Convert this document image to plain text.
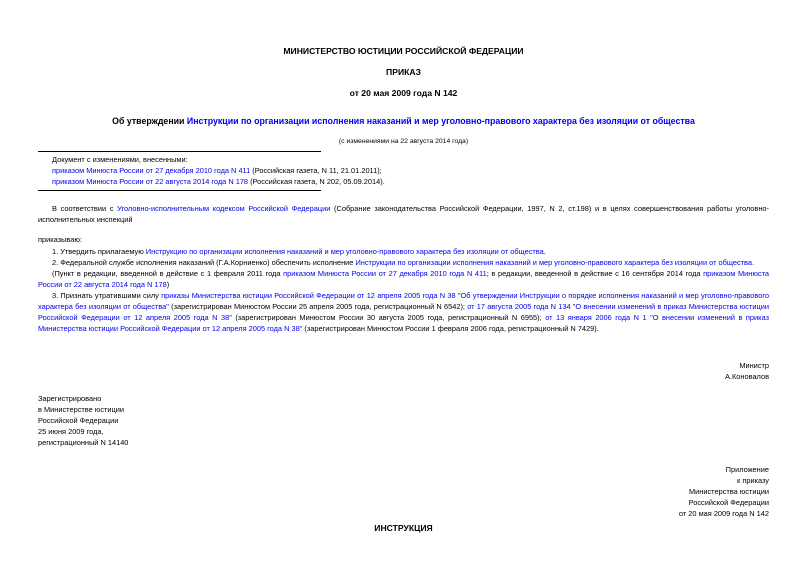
МИНИСТЕРСТВО ЮСТИЦИИ РОССИЙСКОЙ ФЕДЕРАЦИИ
ПРИКАЗ
от 20 мая 2009 года N 142
Об утверждении Инструкции по организации исполнения наказаний и мер уголовно-правового характера без изоляции от общества
(с изменениями на 22 августа 2014 года)
Документ с изменениями, внесенными:
приказом Минюста России от 27 декабря 2010 года N 411 (Российская газета, N 11, 21.01.2011);
приказом Минюста России от 22 августа 2014 года N 178 (Российская газета, N 202, 05.09.2014).
В соответствии с Уголовно-исполнительным кодексом Российской Федерации (Собрание законодательства Российской Федерации, 1997, N 2, ст.198) и в целях совершенствования работы уголовно-исполнительных инспекций
приказываю:
1. Утвердить прилагаемую Инструкцию по организации исполнения наказаний и мер уголовно-правового характера без изоляции от общества.
2. Федеральной службе исполнения наказаний (Г.А.Корниенко) обеспечить исполнение Инструкции по организации исполнения наказаний и мер уголовно-правового характера без изоляции от общества.
(Пункт в редакции, введенной в действие с 1 февраля 2011 года приказом Минюста России от 27 декабря 2010 года N 411; в редакции, введенной в действие с 16 сентября 2014 года приказом Минюста России от 22 августа 2014 года N 178)
3. Признать утратившими силу приказы Министерства юстиции Российской Федерации от 12 апреля 2005 года N 38 "Об утверждении Инструкции о порядке исполнения наказаний и мер уголовно-правового характера без изоляции от общества" (зарегистрирован Минюстом России 25 апреля 2005 года, регистрационный N 6542); от 17 августа 2005 года N 134 "О внесении изменений в приказ Министерства юстиции Российской Федерации от 12 апреля 2005 года N 38" (зарегистрирован Минюстом России 30 августа 2005 года, регистрационный N 6955); от 13 января 2006 года N 1 "О внесении изменений в приказ Министерства юстиции Российской Федерации от 12 апреля 2005 года N 38" (зарегистрирован Минюстом России 1 февраля 2006 года, регистрационный N 7429).
Министр
А.Коновалов
Зарегистрировано
в Министерстве юстиции
Российской Федерации
25 июня 2009 года,
регистрационный N 14140
Приложение
к приказу
Министерства юстиции
Российской Федерации
от 20 мая 2009 года N 142
ИНСТРУКЦИЯ
